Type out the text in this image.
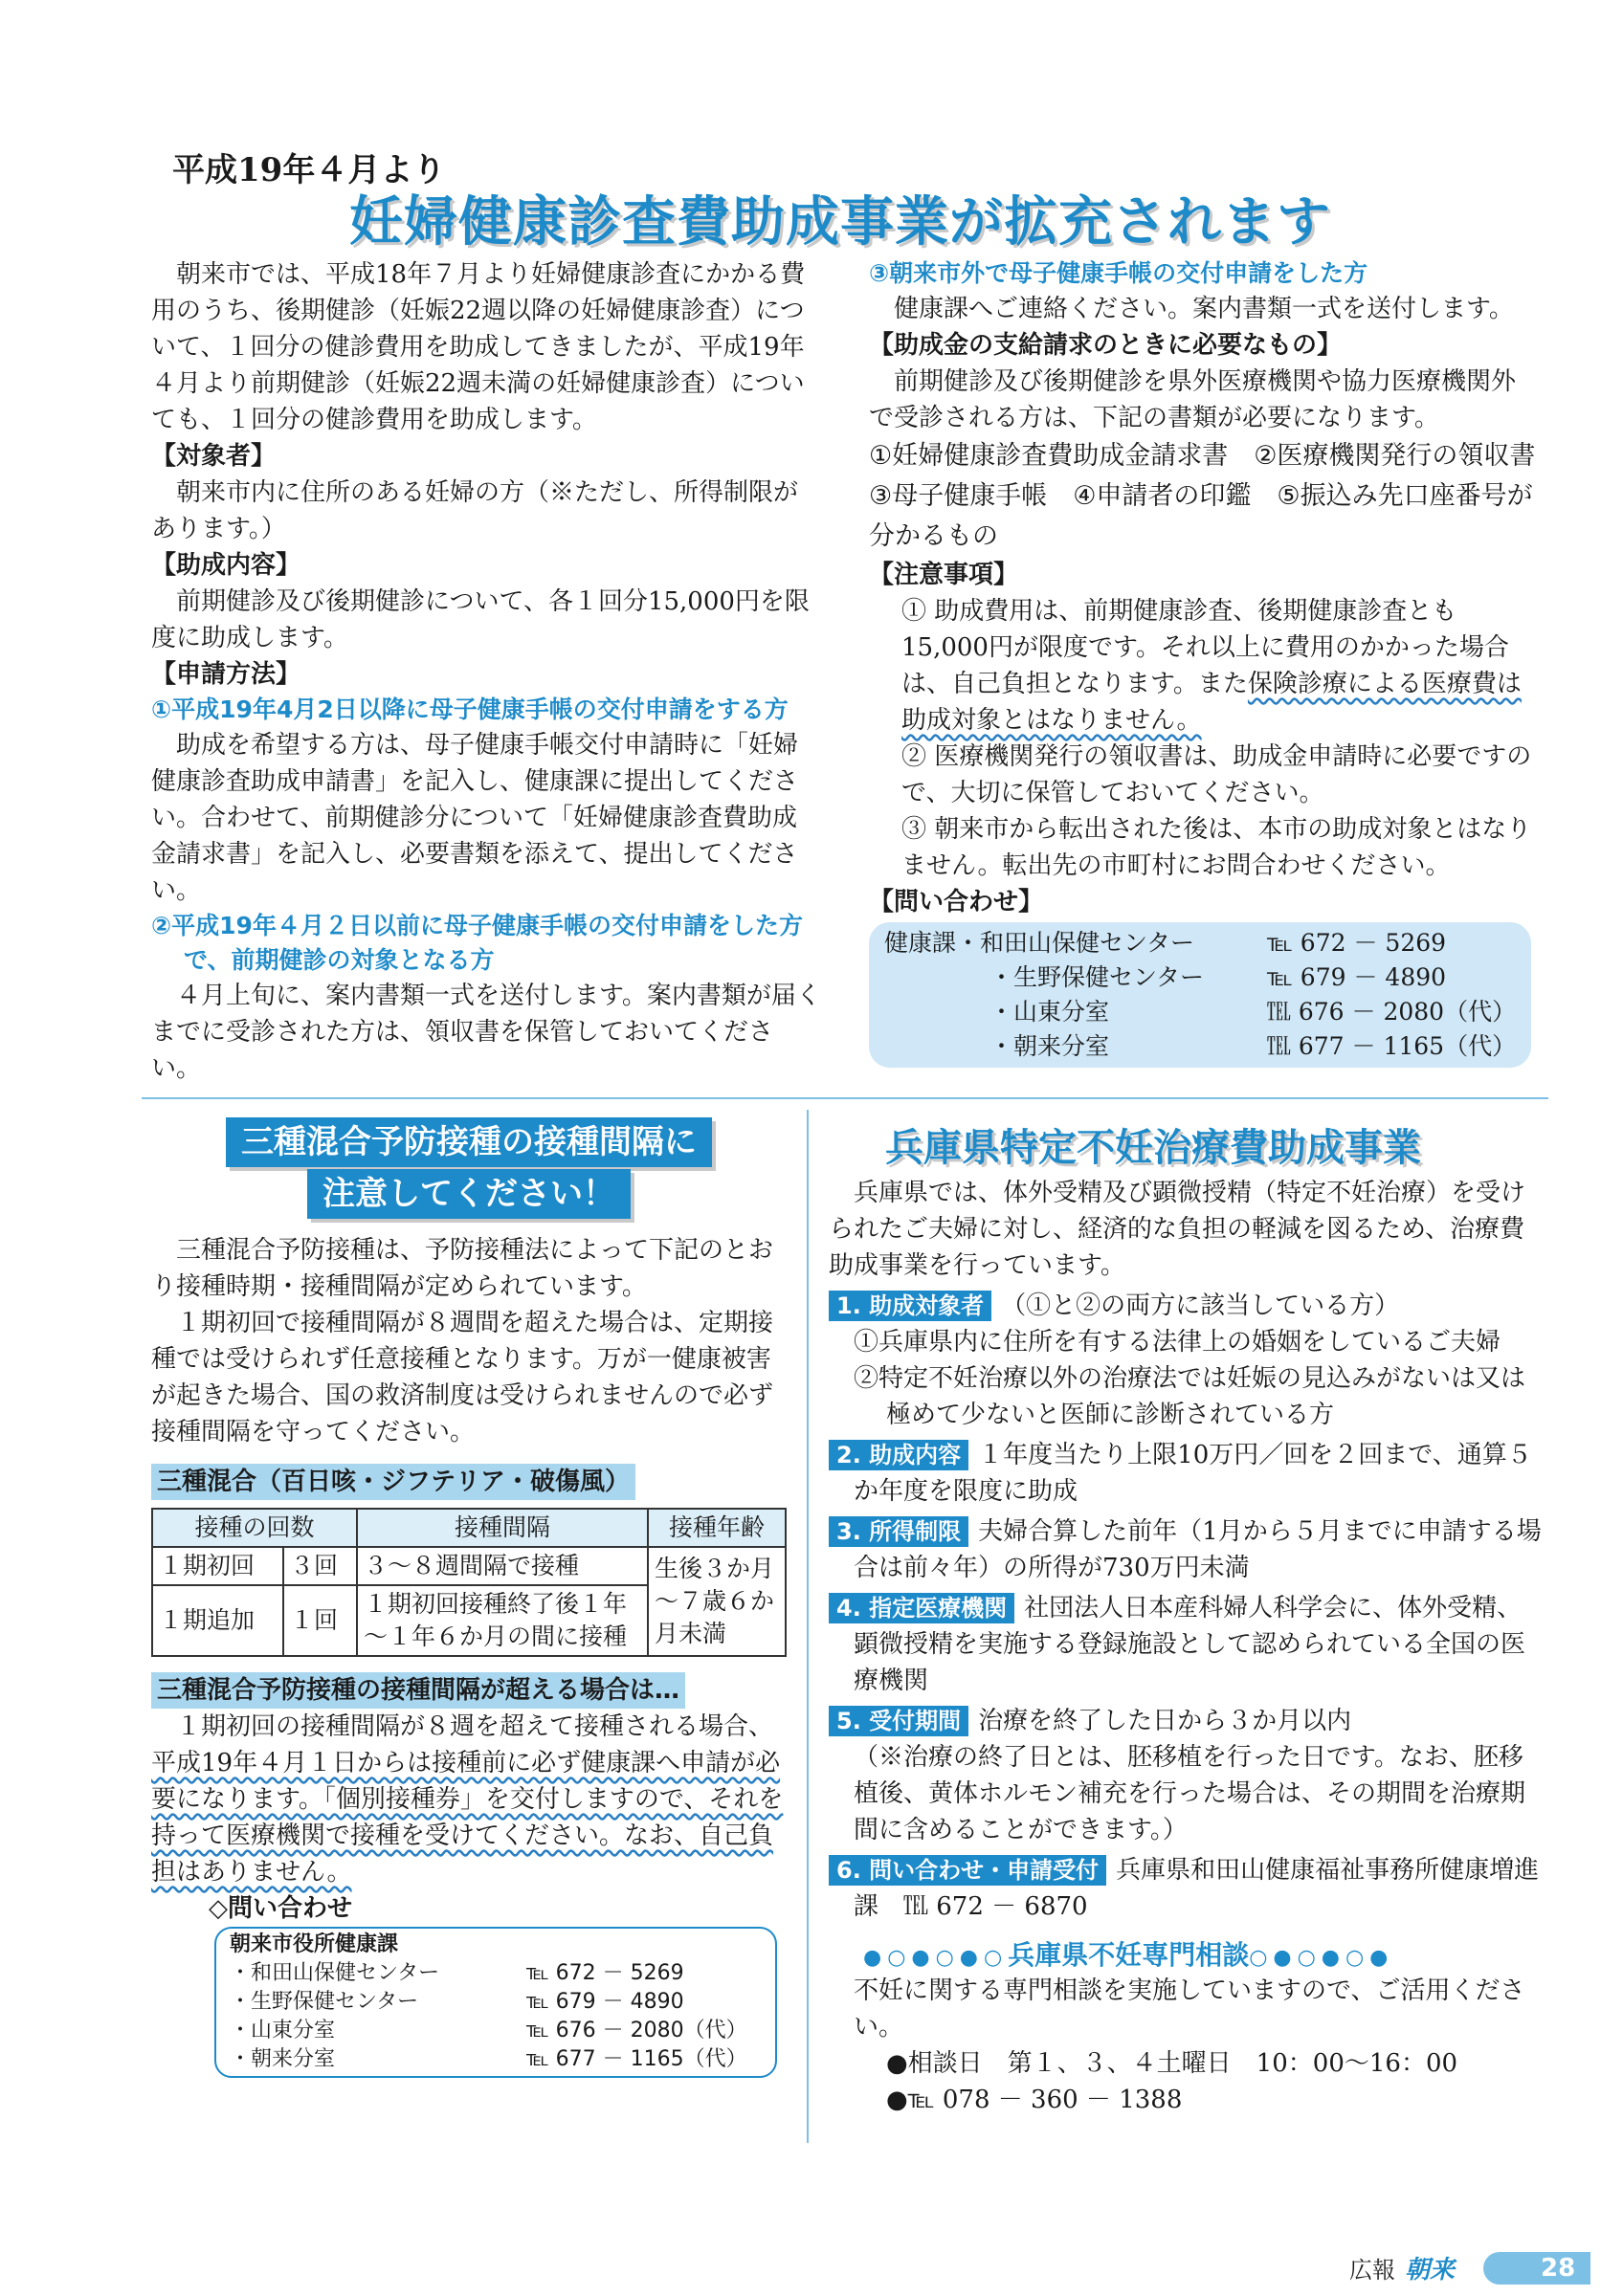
平成19年４月より
妊婦健康診査費助成事業が拡充されます

朝来市では、平成18年７月より妊婦健康診査にかかる費用のうち、後期健診（妊娠22週以降の妊婦健康診査）について、１回分の健診費用を助成してきましたが、平成19年４月より前期健診（妊娠22週未満の妊婦健康診査）についても、１回分の健診費用を助成します。

【対象者】

朝来市内に住所のある妊婦の方（※ただし、所得制限があります。）

【助成内容】

前期健診及び後期健診について、各１回分15,000円を限度に助成します。

【申請方法】

①平成19年4月2日以降に母子健康手帳の交付申請をする方

助成を希望する方は、母子健康手帳交付申請時に「妊婦健康診査助成申請書」を記入し、健康課に提出してください。合わせて、前期健診分について「妊婦健康診査費助成金請求書」を記入し、必要書類を添えて、提出してください。

②平成19年４月２日以前に母子健康手帳の交付申請をした方で、前期健診の対象となる方

４月上旬に、案内書類一式を送付します。案内書類が届くまでに受診された方は、領収書を保管しておいてください。

③朝来市外で母子健康手帳の交付申請をした方

健康課へご連絡ください。案内書類一式を送付します。

【助成金の支給請求のときに必要なもの】

前期健診及び後期健診を県外医療機関や協力医療機関外で受診される方は、下記の書類が必要になります。

①妊婦健康診査費助成金請求書　②医療機関発行の領収書　③母子健康手帳　④申請者の印鑑　⑤振込み先口座番号が分かるもの

【注意事項】

① 助成費用は、前期健康診査、後期健康診査とも15,000円が限度です。それ以上に費用のかかった場合は、自己負担となります。また保険診療による医療費は助成対象とはなりません。

② 医療機関発行の領収書は、助成金申請時に必要ですので、大切に保管しておいてください。

③ 朝来市から転出された後は、本市の助成対象とはなりません。転出先の市町村にお問合わせください。

【問い合わせ】

健康課・和田山保健センター	℡ 672 － 5269
・生野保健センター	℡ 679 － 4890
・山東分室	℡ 676 － 2080（代）
・朝来分室	℡ 677 － 1165（代）
三種混合予防接種の接種間隔に
注意してください！

三種混合予防接種は、予防接種法によって下記のとおり接種時期・接種間隔が定められています。

１期初回で接種間隔が８週間を超えた場合は、定期接種では受けられず任意接種となります。万が一健康被害が起きた場合、国の救済制度は受けられませんので必ず接種間隔を守ってください。

三種混合（百日咳・ジフテリア・破傷風）
接種の回数		接種間隔	接種年齢
１期初回	３回	３～８週間隔で接種	生後３か月～７歳６か月未満
１期追加	１回	１期初回接種終了後１年～１年６か月の間に接種	
三種混合予防接種の接種間隔が超える場合は…

１期初回の接種間隔が８週を超えて接種される場合、平成19年４月１日からは接種前に必ず健康課へ申請が必要になります。「個別接種券」を交付しますので、それを持って医療機関で接種を受けてください。なお、自己負担はありません。

◇問い合わせ

朝来市役所健康課
・和田山保健センター	℡ 672 － 5269
・生野保健センター	℡ 679 － 4890
・山東分室	℡ 676 － 2080（代）
・朝来分室	℡ 677 － 1165（代）
兵庫県特定不妊治療費助成事業

兵庫県では、体外受精及び顕微授精（特定不妊治療）を受けられたご夫婦に対し、経済的な負担の軽減を図るため、治療費助成事業を行っています。

1. 助成対象者 （①と②の両方に該当している方）
①兵庫県内に住所を有する法律上の婚姻をしているご夫婦
②特定不妊治療以外の治療法では妊娠の見込みがないは又は極めて少ないと医師に診断されている方
2. 助成内容 １年度当たり上限10万円／回を２回まで、通算５か年度を限度に助成
3. 所得制限 夫婦合算した前年（1月から５月までに申請する場合は前々年）の所得が730万円未満
4. 指定医療機関 社団法人日本産科婦人科学会に、体外受精、顕微授精を実施する登録施設として認められている全国の医療機関
5. 受付期間 治療を終了した日から３か月以内
（※治療の終了日とは、胚移植を行った日です。なお、胚移植後、黄体ホルモン補充を行った場合は、その期間を治療期間に含めることができます。）
6. 問い合わせ・申請受付 兵庫県和田山健康福祉事務所健康増進課　℡ 672 － 6870
●○●○●○兵庫県不妊専門相談○●○●○●

不妊に関する専門相談を実施していますので、ご活用ください。

●相談日　第１、３、４土曜日　10：00～16：00

●℡ 078 － 360 － 1388

広報 朝来	28
